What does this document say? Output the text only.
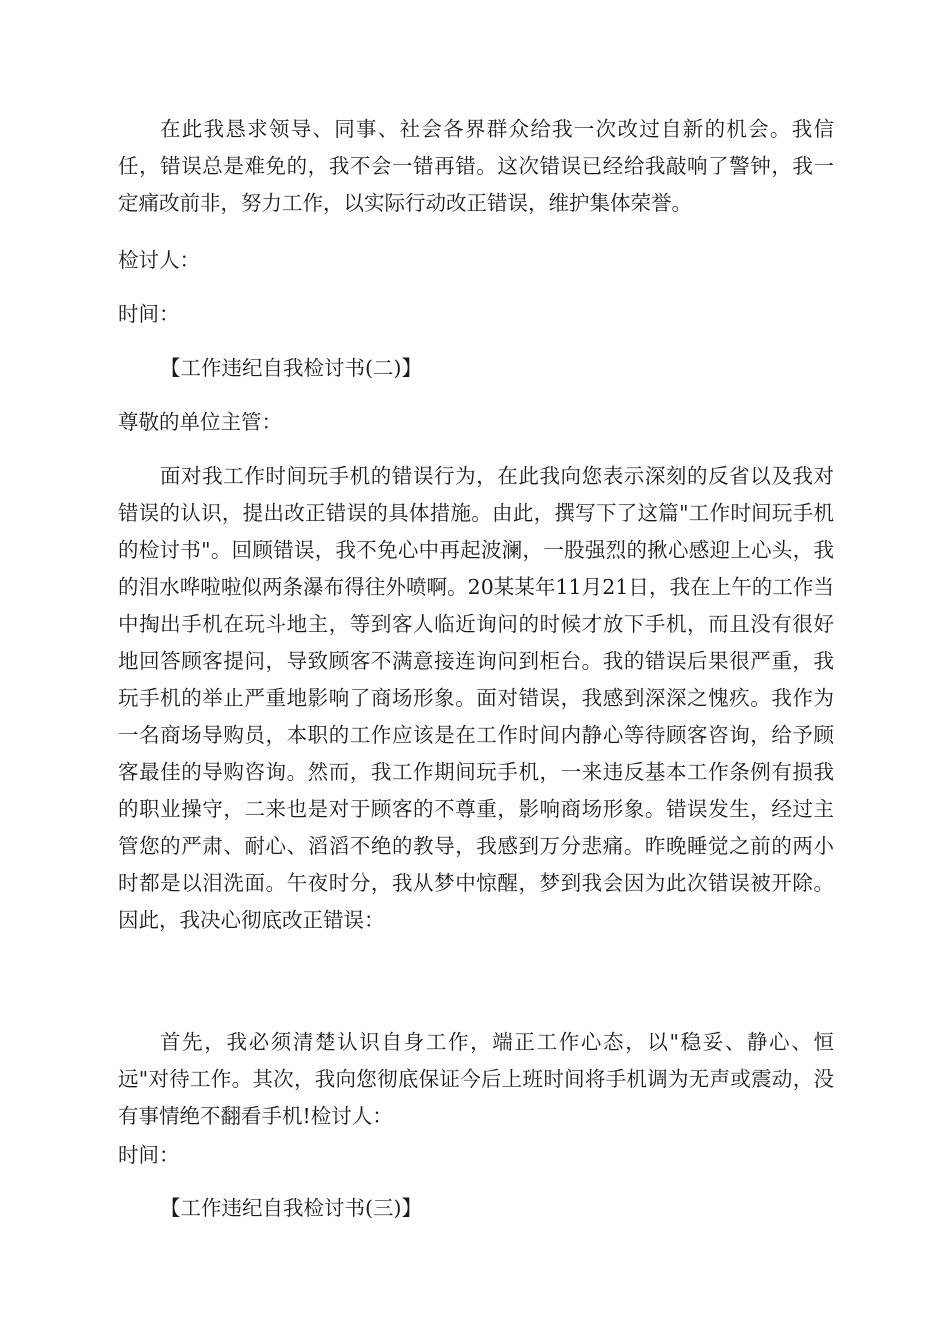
在此我恳求领导、同事、社会各界群众给我一次改过自新的机会。我信任，错误总是难免的，我不会一错再错。这次错误已经给我敲响了警钟，我一定痛改前非，努力工作，以实际行动改正错误，维护集体荣誉。

检讨人：

时间：

【工作违纪自我检讨书(二)】

尊敬的单位主管：

面对我工作时间玩手机的错误行为，在此我向您表示深刻的反省以及我对错误的认识，提出改正错误的具体措施。由此，撰写下了这篇"工作时间玩手机的检讨书"。回顾错误，我不免心中再起波澜，一股强烈的揪心感迎上心头，我的泪水哗啦啦似两条瀑布得往外喷啊。20某某年11月21日，我在上午的工作当中掏出手机在玩斗地主，等到客人临近询问的时候才放下手机，而且没有很好地回答顾客提问，导致顾客不满意接连询问到柜台。我的错误后果很严重，我玩手机的举止严重地影响了商场形象。面对错误，我感到深深之愧疚。我作为一名商场导购员，本职的工作应该是在工作时间内静心等待顾客咨询，给予顾客最佳的导购咨询。然而，我工作期间玩手机，一来违反基本工作条例有损我的职业操守，二来也是对于顾客的不尊重，影响商场形象。错误发生，经过主管您的严肃、耐心、滔滔不绝的教导，我感到万分悲痛。昨晚睡觉之前的两小时都是以泪洗面。午夜时分，我从梦中惊醒，梦到我会因为此次错误被开除。因此，我决心彻底改正错误：

首先，我必须清楚认识自身工作，端正工作心态，以"稳妥、静心、恒远"对待工作。其次，我向您彻底保证今后上班时间将手机调为无声或震动，没有事情绝不翻看手机!检讨人：

时间：

【工作违纪自我检讨书(三)】
